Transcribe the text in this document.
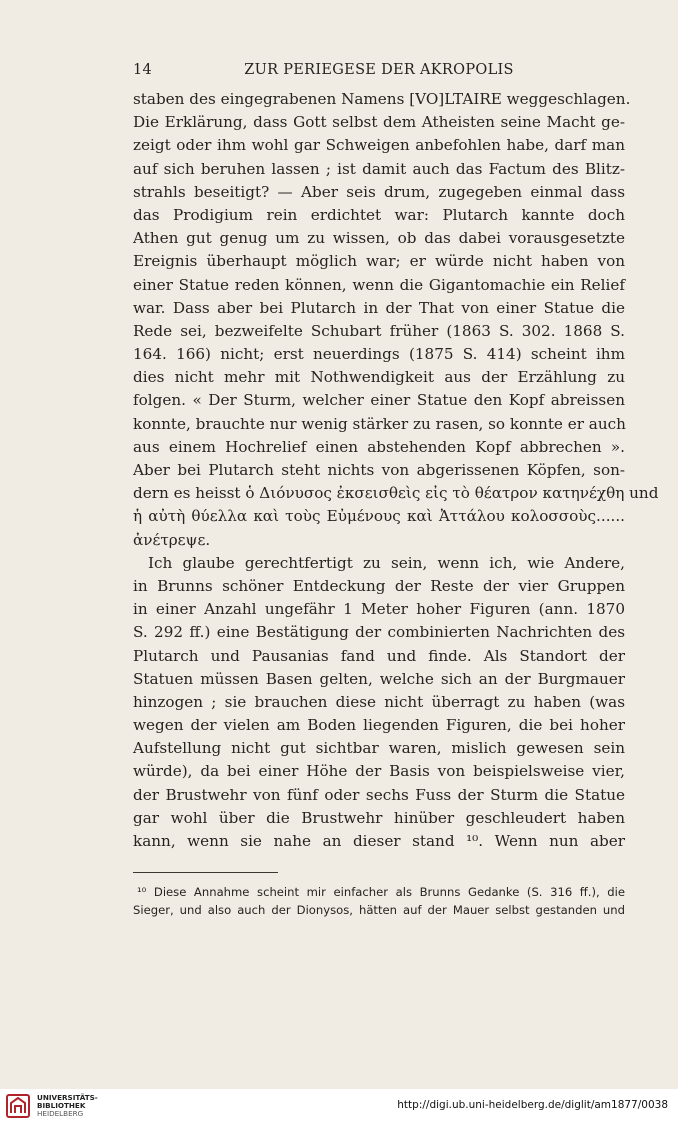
14	ZUR PERIEGESE DER AKROPOLIS
staben des eingegrabenen Namens [VO]LTAIRE weggeschlagen.
Die Erklärung, dass Gott selbst dem Atheisten seine Macht ge-
zeigt oder ihm wohl gar Schweigen anbefohlen habe, darf man
auf sich beruhen lassen ; ist damit auch das Factum des Blitz-
strahls beseitigt? — Aber seis drum, zugegeben einmal dass
das Prodigium rein erdichtet war: Plutarch kannte doch
Athen gut genug um zu wissen, ob das dabei vorausgesetzte
Ereignis überhaupt möglich war; er würde nicht haben von
einer Statue reden können, wenn die Gigantomachie ein Relief
war. Dass aber bei Plutarch in der That von einer Statue die
Rede sei, bezweifelte Schubart früher (1863 S. 302. 1868 S.
164. 166) nicht; erst neuerdings (1875 S. 414) scheint ihm
dies nicht mehr mit Nothwendigkeit aus der Erzählung zu
folgen. « Der Sturm, welcher einer Statue den Kopf abreissen
konnte, brauchte nur wenig stärker zu rasen, so konnte er auch
aus einem Hochrelief einen abstehenden Kopf abbrechen ».
Aber bei Plutarch steht nichts von abgerissenen Köpfen, son-
dern es heisst ὁ Διόνυσος ἐκσεισθεὶς εἰς τὸ θέατρον κατηνέχθη und
ἡ αὐτὴ θύελλα καὶ τοὺς Εὐμένους καὶ Ἀττάλου κολοσσοὺς......
ἀνέτρεψε.
Ich glaube gerechtfertigt zu sein, wenn ich, wie Andere,
in Brunns schöner Entdeckung der Reste der vier Gruppen
in einer Anzahl ungefähr 1 Meter hoher Figuren (ann. 1870
S. 292 ff.) eine Bestätigung der combinierten Nachrichten des
Plutarch und Pausanias fand und finde. Als Standort der
Statuen müssen Basen gelten, welche sich an der Burgmauer
hinzogen ; sie brauchen diese nicht überragt zu haben (was
wegen der vielen am Boden liegenden Figuren, die bei hoher
Aufstellung nicht gut sichtbar waren, mislich gewesen sein
würde), da bei einer Höhe der Basis von beispielsweise vier,
der Brustwehr von fünf oder sechs Fuss der Sturm die Statue
gar wohl über die Brustwehr hinüber geschleudert haben
kann, wenn sie nahe an dieser stand ¹⁰. Wenn nun aber
¹⁰ Diese Annahme scheint mir einfacher als Brunns Gedanke (S. 316 ff.), die
Sieger, und also auch der Dionysos, hätten auf der Mauer selbst gestanden und
UNIVERSITÄTS-
BIBLIOTHEK
HEIDELBERG
http://digi.ub.uni-heidelberg.de/diglit/am1877/0038
